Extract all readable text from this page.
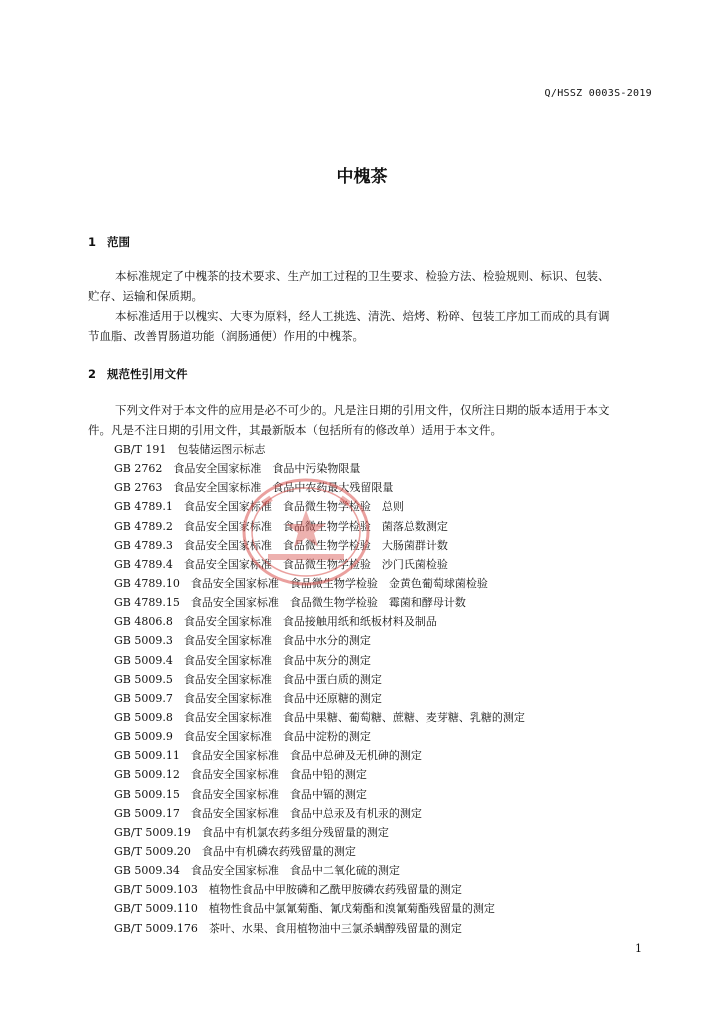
Q/HSSZ 0003S-2019
中槐茶
1 范围
本标准规定了中槐茶的技术要求、生产加工过程的卫生要求、检验方法、检验规则、标识、包装、
贮存、运输和保质期。
本标准适用于以槐实、大枣为原料，经人工挑选、清洗、焙烤、粉碎、包装工序加工而成的具有调
节血脂、改善胃肠道功能（润肠通便）作用的中槐茶。
2 规范性引用文件
下列文件对于本文件的应用是必不可少的。凡是注日期的引用文件，仅所注日期的版本适用于本文
件。凡是不注日期的引用文件，其最新版本（包括所有的修改单）适用于本文件。
GB/T 191 包装储运图示标志
GB 2762 食品安全国家标准 食品中污染物限量
GB 2763 食品安全国家标准 食品中农药最大残留限量
GB 4789.1 食品安全国家标准 食品微生物学检验　总则
GB 4789.2 食品安全国家标准 食品微生物学检验　菌落总数测定
GB 4789.3 食品安全国家标准 食品微生物学检验　大肠菌群计数
GB 4789.4 食品安全国家标准 食品微生物学检验　沙门氏菌检验
GB 4789.10 食品安全国家标准 食品微生物学检验　金黄色葡萄球菌检验
GB 4789.15 食品安全国家标准 食品微生物学检验　霉菌和酵母计数
GB 4806.8 食品安全国家标准 食品接触用纸和纸板材料及制品
GB 5009.3 食品安全国家标准 食品中水分的测定
GB 5009.4 食品安全国家标准 食品中灰分的测定
GB 5009.5 食品安全国家标准 食品中蛋白质的测定
GB 5009.7 食品安全国家标准 食品中还原糖的测定
GB 5009.8 食品安全国家标准 食品中果糖、葡萄糖、蔗糖、麦芽糖、乳糖的测定
GB 5009.9 食品安全国家标准 食品中淀粉的测定
GB 5009.11 食品安全国家标准 食品中总砷及无机砷的测定
GB 5009.12 食品安全国家标准 食品中铅的测定
GB 5009.15 食品安全国家标准 食品中镉的测定
GB 5009.17 食品安全国家标准 食品中总汞及有机汞的测定
GB/T 5009.19 食品中有机氯农药多组分残留量的测定
GB/T 5009.20 食品中有机磷农药残留量的测定
GB 5009.34 食品安全国家标准 食品中二氧化硫的测定
GB/T 5009.103 植物性食品中甲胺磷和乙酰甲胺磷农药残留量的测定
GB/T 5009.110 植物性食品中氯氰菊酯、氰戊菊酯和溴氰菊酯残留量的测定
GB/T 5009.176 茶叶、水果、食用植物油中三氯杀螨醇残留量的测定
1
